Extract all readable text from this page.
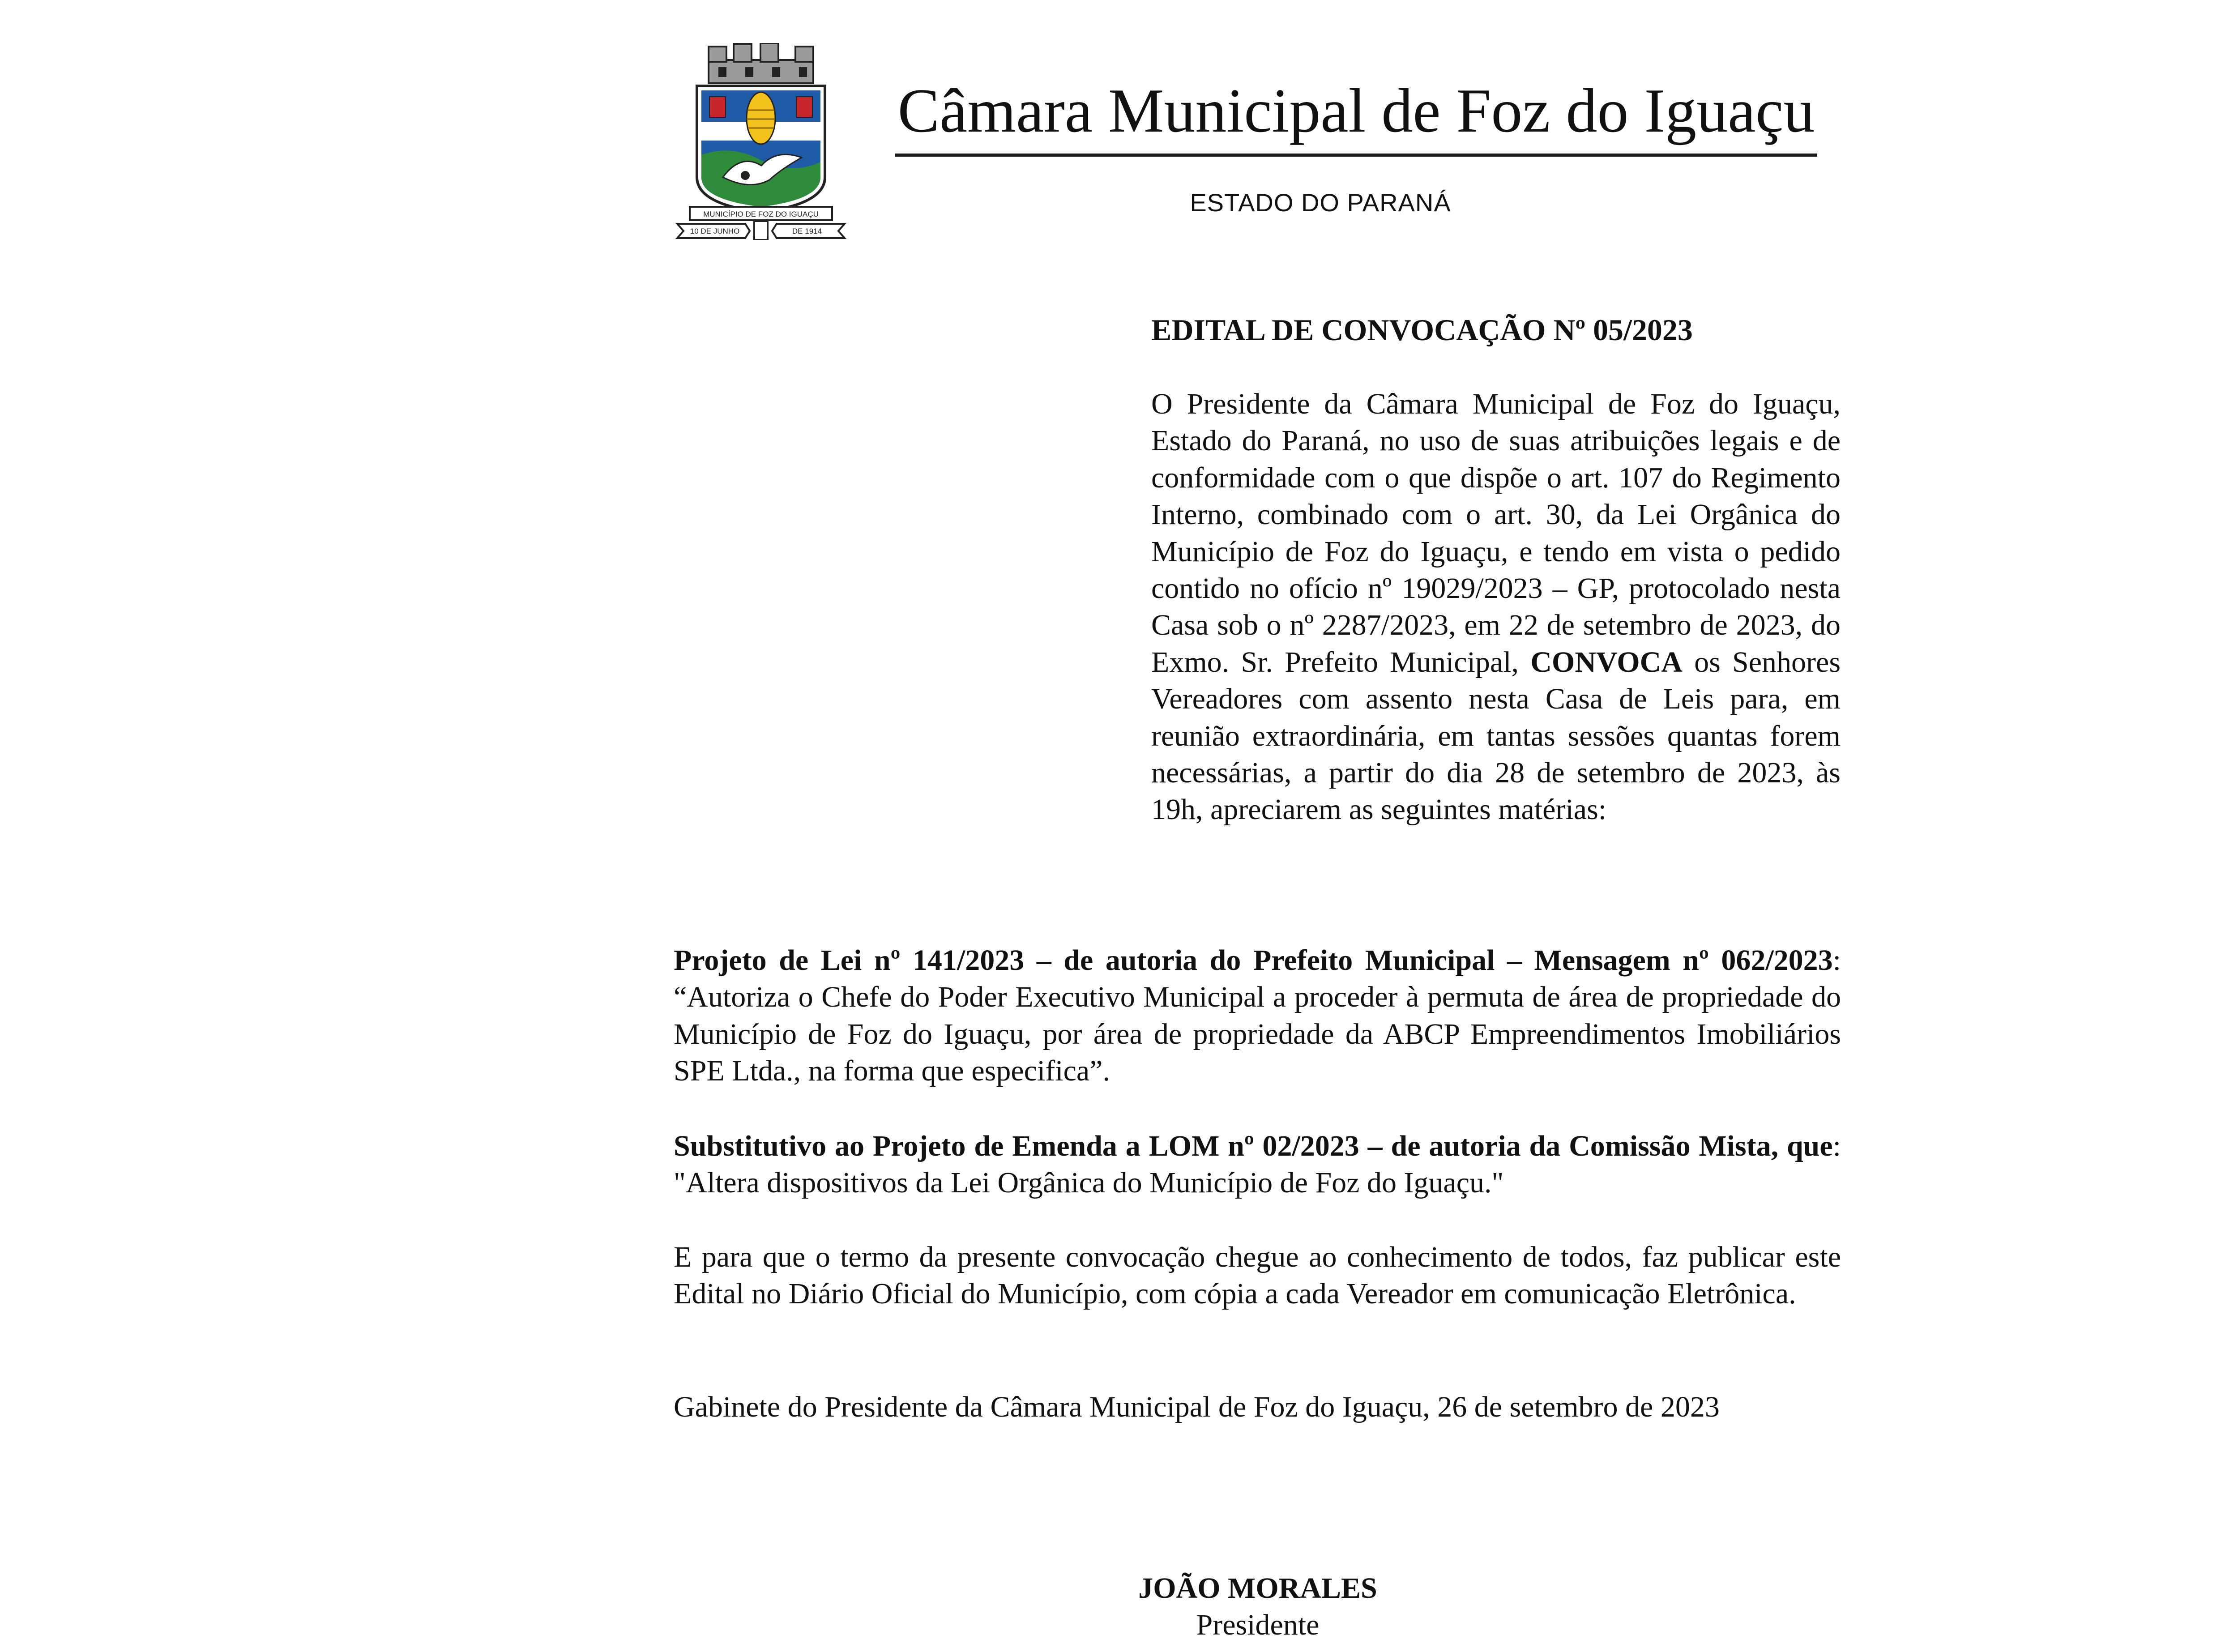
MUNICÍPIO DE FOZ DO IGUAÇU
10 DE JUNHO	DE 1914
Câmara Municipal de Foz do Iguaçu
ESTADO DO PARANÁ
EDITAL DE CONVOCAÇÃO Nº 05/2023
O Presidente da Câmara Municipal de Foz do Iguaçu, Estado do Paraná, no uso de suas atribuições legais e de conformidade com o que dispõe o art. 107 do Regimento Interno, combinado com o art. 30, da Lei Orgânica do Município de Foz do Iguaçu, e tendo em vista o pedido contido no ofício nº 19029/2023 – GP, protocolado nesta Casa sob o nº 2287/2023, em 22 de setembro de 2023, do Exmo. Sr. Prefeito Municipal, CONVOCA os Senhores Vereadores com assento nesta Casa de Leis para, em reunião extraordinária, em tantas sessões quantas forem necessárias, a partir do dia 28 de setembro de 2023, às 19h, apreciarem as seguintes matérias:
Projeto de Lei nº 141/2023 – de autoria do Prefeito Municipal – Mensagem nº 062/2023: “Autoriza o Chefe do Poder Executivo Municipal a proceder à permuta de área de propriedade do Município de Foz do Iguaçu, por área de propriedade da ABCP Empreendimentos Imobiliários SPE Ltda., na forma que especifica”.
Substitutivo ao Projeto de Emenda a LOM nº 02/2023 – de autoria da Comissão Mista, que: "Altera dispositivos da Lei Orgânica do Município de Foz do Iguaçu."
E para que o termo da presente convocação chegue ao conhecimento de todos, faz publicar este Edital no Diário Oficial do Município, com cópia a cada Vereador em comunicação Eletrônica.
Gabinete do Presidente da Câmara Municipal de Foz do Iguaçu, 26 de setembro de 2023
JOÃO MORALES
Presidente
